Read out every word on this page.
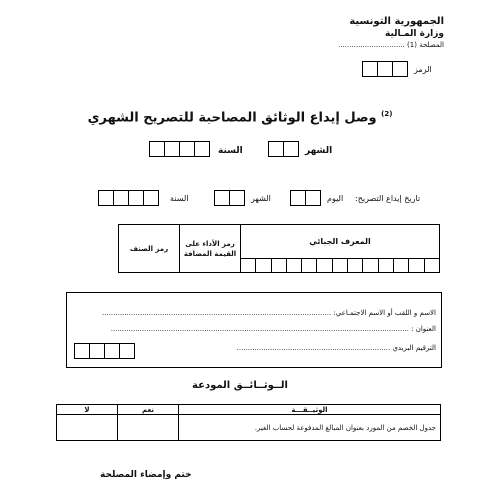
الجمهورية التونسية
وزارة المـالية
المصلحة (1) ..............................
الرمز
$^{(2)}$ وصل إيداع الوثائق المصاحبة للتصريح الشهري
السنة	الشهر
السنة	الشهر	اليوم تاريخ إيداع التصريح:
رمز الصنف	رمز الأداء على القيمة المضافة	المعرف الجبائي												

الاسم و اللقب أو الاسم الاجتمـاعي: .......................................................................................................
العنوان : ......................................................................................................................................
الترقيم البريدي .....................................................................
الــوثــائــق المودعة
لا	نعم	الوثيــقـــة
		جدول الخصم من المورد بعنوان المبالغ المدفوعة لحساب الغير.
ختم وإمضاء المصلحة
